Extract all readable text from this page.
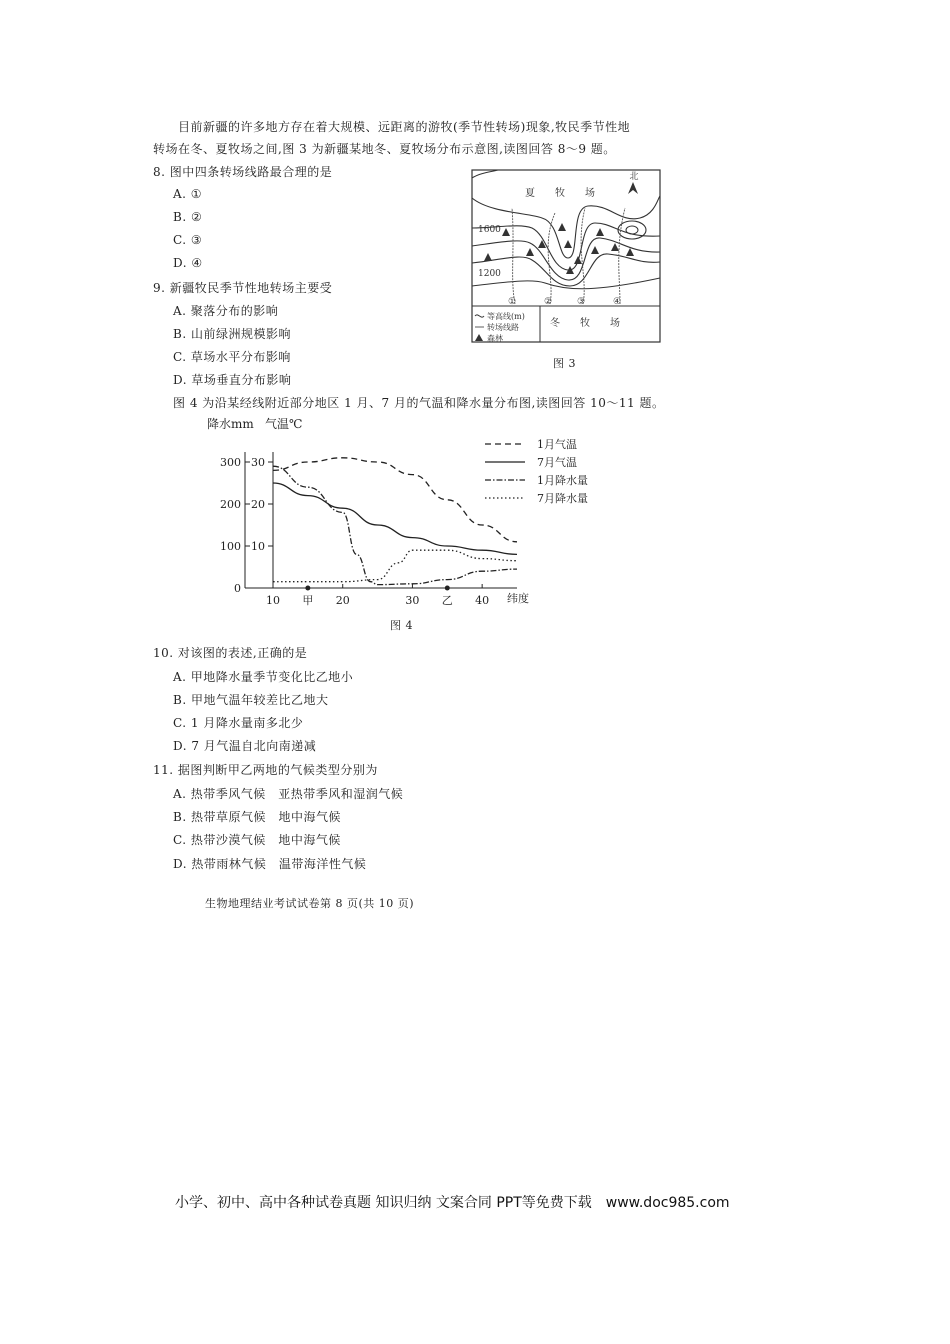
目前新疆的许多地方存在着大规模、远距离的游牧(季节性转场)现象,牧民季节性地
转场在冬、夏牧场之间,图 3 为新疆某地冬、夏牧场分布示意图,读图回答 8～9 题。
8. 图中四条转场线路最合理的是
A. ①
B. ②
C. ③
D. ④
9. 新疆牧民季节性地转场主要受
A. 聚落分布的影响
B. 山前绿洲规模影响
C. 草场水平分布影响
D. 草场垂直分布影响
北
夏　　牧　　场
冬　　牧　　场
1600
1200
①	②	③	④
等高线(m)
转场线路
森林
图 3
图 4 为沿某经线附近部分地区 1 月、7 月的气温和降水量分布图,读图回答 10～11 题。
降水mm 气温℃
0
100
200
300
10
20
30
10	20	30	40
甲	乙
1月气温
7月气温
1月降水量
7月降水量
纬度
图 4
10. 对该图的表述,正确的是
A. 甲地降水量季节变化比乙地小
B. 甲地气温年较差比乙地大
C. 1 月降水量南多北少
D. 7 月气温自北向南递减
11. 据图判断甲乙两地的气候类型分别为
A. 热带季风气候　亚热带季风和湿润气候
B. 热带草原气候　地中海气候
C. 热带沙漠气候　地中海气候
D. 热带雨林气候　温带海洋性气候
生物地理结业考试试卷第 8 页(共 10 页)
小学、初中、高中各种试卷真题 知识归纳 文案合同 PPT等免费下载　www.doc985.com
